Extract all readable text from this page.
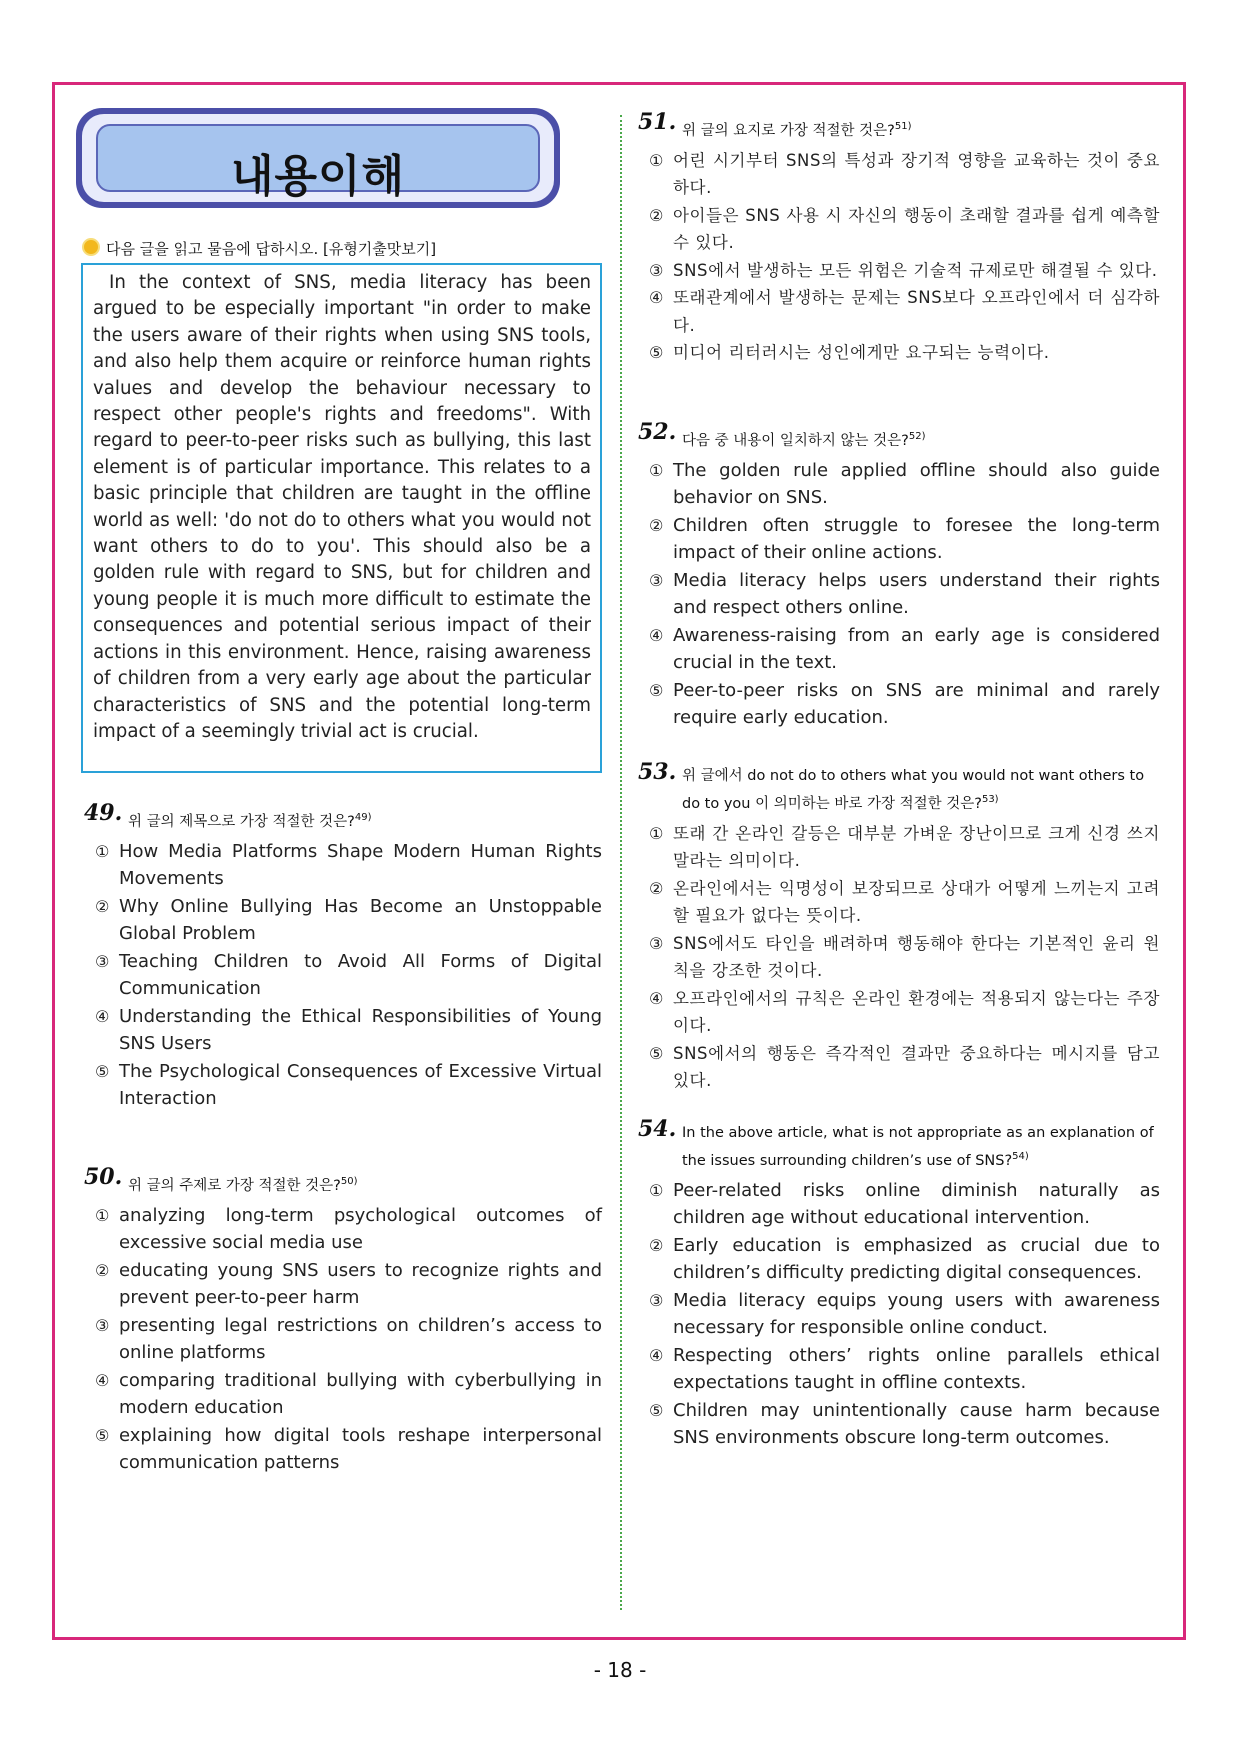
내용이해
다음 글을 읽고 물음에 답하시오. [유형기출맛보기]
In the context of SNS, media literacy has been argued to be especially important "in order to make the users aware of their rights when using SNS tools, and also help them acquire or reinforce human rights values and develop the behaviour necessary to respect other people's rights and freedoms". With regard to peer-to-peer risks such as bullying, this last element is of particular importance. This relates to a basic principle that children are taught in the offline world as well: 'do not do to others what you would not want others to do to you'. This should also be a golden rule with regard to SNS, but for children and young people it is much more difficult to estimate the consequences and potential serious impact of their actions in this environment. Hence, raising awareness of children from a very early age about the particular characteristics of SNS and the potential long-term impact of a seemingly trivial act is crucial.
49. 위 글의 제목으로 가장 적절한 것은?$^{49)}$
① How Media Platforms Shape Modern Human Rights Movements
② Why Online Bullying Has Become an Unstoppable Global Problem
③ Teaching Children to Avoid All Forms of Digital Communication
④ Understanding the Ethical Responsibilities of Young SNS Users
⑤ The Psychological Consequences of Excessive Virtual Interaction
50. 위 글의 주제로 가장 적절한 것은?$^{50)}$
① analyzing long-term psychological outcomes of excessive social media use
② educating young SNS users to recognize rights and prevent peer-to-peer harm
③ presenting legal restrictions on children’s access to online platforms
④ comparing traditional bullying with cyberbullying in modern education
⑤ explaining how digital tools reshape interpersonal communication patterns
51. 위 글의 요지로 가장 적절한 것은?$^{51)}$
① 어린 시기부터 SNS의 특성과 장기적 영향을 교육하는 것이 중요하다.
② 아이들은 SNS 사용 시 자신의 행동이 초래할 결과를 쉽게 예측할 수 있다.
③ SNS에서 발생하는 모든 위험은 기술적 규제로만 해결될 수 있다.
④ 또래관계에서 발생하는 문제는 SNS보다 오프라인에서 더 심각하다.
⑤ 미디어 리터러시는 성인에게만 요구되는 능력이다.
52. 다음 중 내용이 일치하지 않는 것은?$^{52)}$
① The golden rule applied offline should also guide behavior on SNS.
② Children often struggle to foresee the long-term impact of their online actions.
③ Media literacy helps users understand their rights and respect others online.
④ Awareness-raising from an early age is considered crucial in the text.
⑤ Peer-to-peer risks on SNS are minimal and rarely require early education.
53. 위 글에서 do not do to others what you would not want others to do to you 이 의미하는 바로 가장 적절한 것은?$^{53)}$
① 또래 간 온라인 갈등은 대부분 가벼운 장난이므로 크게 신경 쓰지 말라는 의미이다.
② 온라인에서는 익명성이 보장되므로 상대가 어떻게 느끼는지 고려할 필요가 없다는 뜻이다.
③ SNS에서도 타인을 배려하며 행동해야 한다는 기본적인 윤리 원칙을 강조한 것이다.
④ 오프라인에서의 규칙은 온라인 환경에는 적용되지 않는다는 주장이다.
⑤ SNS에서의 행동은 즉각적인 결과만 중요하다는 메시지를 담고 있다.
54. In the above article, what is not appropriate as an explanation of the issues surrounding children’s use of SNS?$^{54)}$
① Peer-related risks online diminish naturally as children age without educational intervention.
② Early education is emphasized as crucial due to children’s difficulty predicting digital consequences.
③ Media literacy equips young users with awareness necessary for responsible online conduct.
④ Respecting others’ rights online parallels ethical expectations taught in offline contexts.
⑤ Children may unintentionally cause harm because SNS environments obscure long-term outcomes.
- 18 -
